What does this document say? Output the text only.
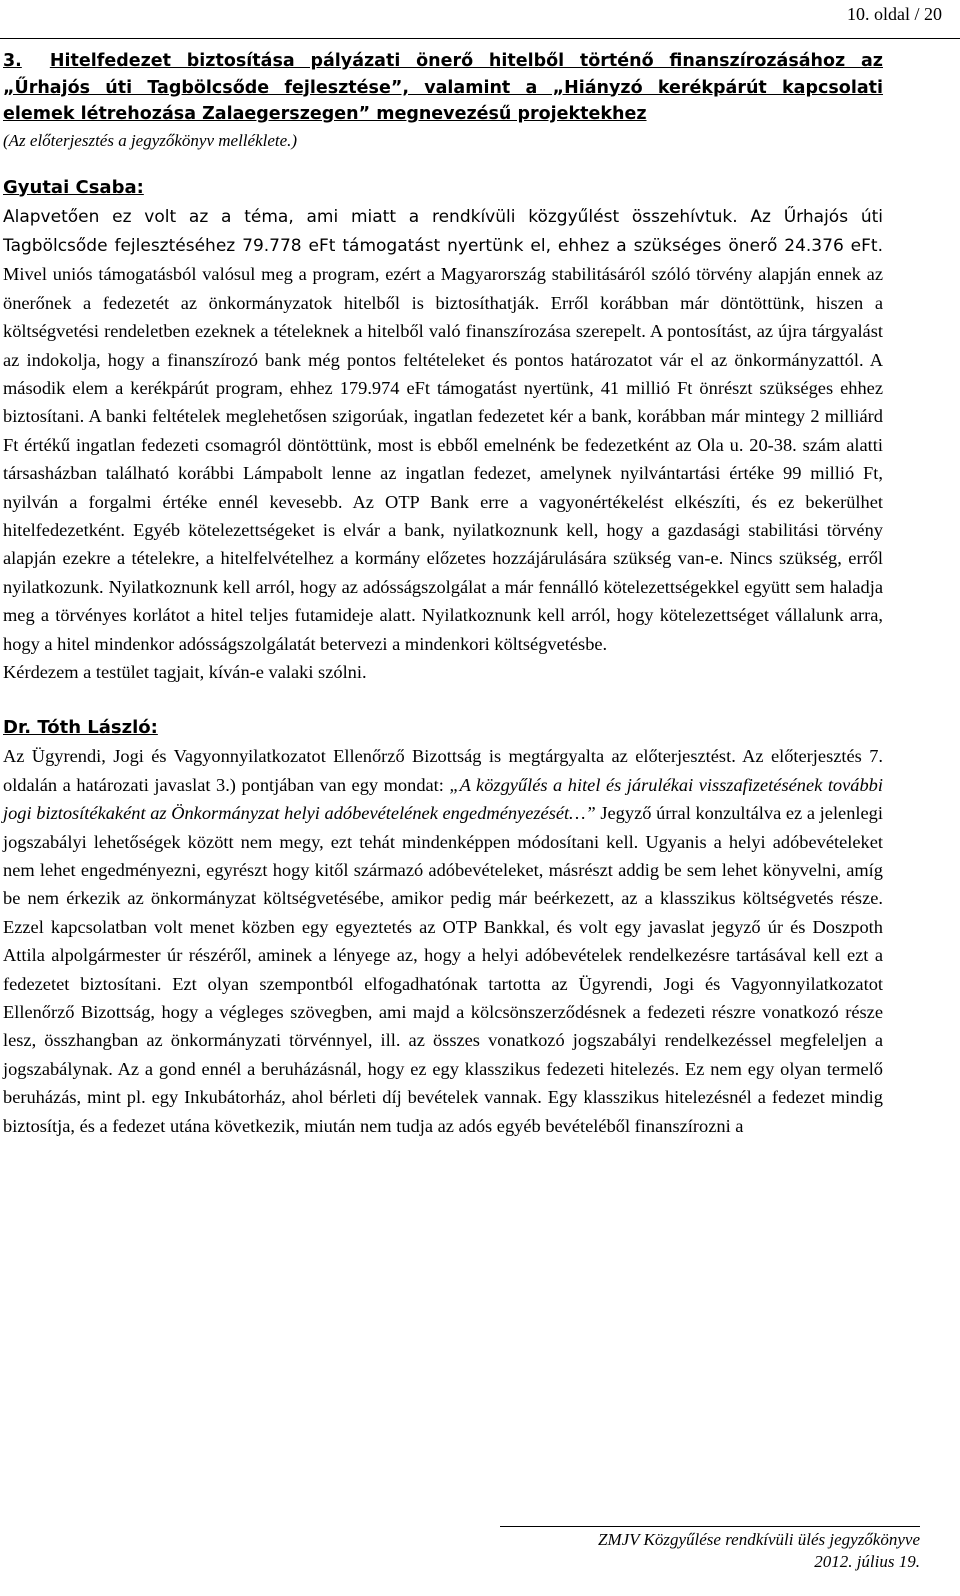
10. oldal / 20

3. Hitelfedezet biztosítása pályázati önerő hitelből történő finanszírozásához az „Űrhajós úti Tagbölcsőde fejlesztése”, valamint a „Hiányzó kerékpárút kapcsolati elemek létrehozása Zalaegerszegen” megnevezésű projektekhez

(Az előterjesztés a jegyzőkönyv melléklete.)

Gyutai Csaba:

Alapvetően ez volt az a téma, ami miatt a rendkívüli közgyűlést összehívtuk. Az Űrhajós úti Tagbölcsőde fejlesztéséhez 79.778 eFt támogatást nyertünk el, ehhez a szükséges önerő 24.376 eFt. Mivel uniós támogatásból valósul meg a program, ezért a Magyarország stabilitásáról szóló törvény alapján ennek az önerőnek a fedezetét az önkormányzatok hitelből is biztosíthatják. Erről korábban már döntöttünk, hiszen a költségvetési rendeletben ezeknek a tételeknek a hitelből való finanszírozása szerepelt. A pontosítást, az újra tárgyalást az indokolja, hogy a finanszírozó bank még pontos feltételeket és pontos határozatot vár el az önkormányzattól. A második elem a kerékpárút program, ehhez 179.974 eFt támogatást nyertünk, 41 millió Ft önrészt szükséges ehhez biztosítani. A banki feltételek meglehetősen szigorúak, ingatlan fedezetet kér a bank, korábban már mintegy 2 milliárd Ft értékű ingatlan fedezeti csomagról döntöttünk, most is ebből emelnénk be fedezetként az Ola u. 20-38. szám alatti társasházban található korábbi Lámpabolt lenne az ingatlan fedezet, amelynek nyilvántartási értéke 99 millió Ft, nyilván a forgalmi értéke ennél kevesebb. Az OTP Bank erre a vagyonértékelést elkészíti, és ez bekerülhet hitelfedezetként. Egyéb kötelezettségeket is elvár a bank, nyilatkoznunk kell, hogy a gazdasági stabilitási törvény alapján ezekre a tételekre, a hitelfelvételhez a kormány előzetes hozzájárulására szükség van-e. Nincs szükség, erről nyilatkozunk. Nyilatkoznunk kell arról, hogy az adósságszolgálat a már fennálló kötelezettségekkel együtt sem haladja meg a törvényes korlátot a hitel teljes futamideje alatt. Nyilatkoznunk kell arról, hogy kötelezettséget vállalunk arra, hogy a hitel mindenkor adósságszolgálatát betervezi a mindenkori költségvetésbe.

Kérdezem a testület tagjait, kíván-e valaki szólni.

Dr. Tóth László:

Az Ügyrendi, Jogi és Vagyonnyilatkozatot Ellenőrző Bizottság is megtárgyalta az előterjesztést. Az előterjesztés 7. oldalán a határozati javaslat 3.) pontjában van egy mondat: „A közgyűlés a hitel és járulékai visszafizetésének további jogi biztosítékaként az Önkormányzat helyi adóbevételének engedményezését…” Jegyző úrral konzultálva ez a jelenlegi jogszabályi lehetőségek között nem megy, ezt tehát mindenképpen módosítani kell. Ugyanis a helyi adóbevételeket nem lehet engedményezni, egyrészt hogy kitől származó adóbevételeket, másrészt addig be sem lehet könyvelni, amíg be nem érkezik az önkormányzat költségvetésébe, amikor pedig már beérkezett, az a klasszikus költségvetés része. Ezzel kapcsolatban volt menet közben egy egyeztetés az OTP Bankkal, és volt egy javaslat jegyző úr és Doszpoth Attila alpolgármester úr részéről, aminek a lényege az, hogy a helyi adóbevételek rendelkezésre tartásával kell ezt a fedezetet biztosítani. Ezt olyan szempontból elfogadhatónak tartotta az Ügyrendi, Jogi és Vagyonnyilatkozatot Ellenőrző Bizottság, hogy a végleges szövegben, ami majd a kölcsönszerződésnek a fedezeti részre vonatkozó része lesz, összhangban az önkormányzati törvénnyel, ill. az összes vonatkozó jogszabályi rendelkezéssel megfeleljen a jogszabálynak. Az a gond ennél a beruházásnál, hogy ez egy klasszikus fedezeti hitelezés. Ez nem egy olyan termelő beruházás, mint pl. egy Inkubátorház, ahol bérleti díj bevételek vannak. Egy klasszikus hitelezésnél a fedezet mindig biztosítja, és a fedezet utána következik, miután nem tudja az adós egyéb bevételéből finanszírozni a

ZMJV Közgyűlése rendkívüli ülés jegyzőkönyve
2012. július 19.
